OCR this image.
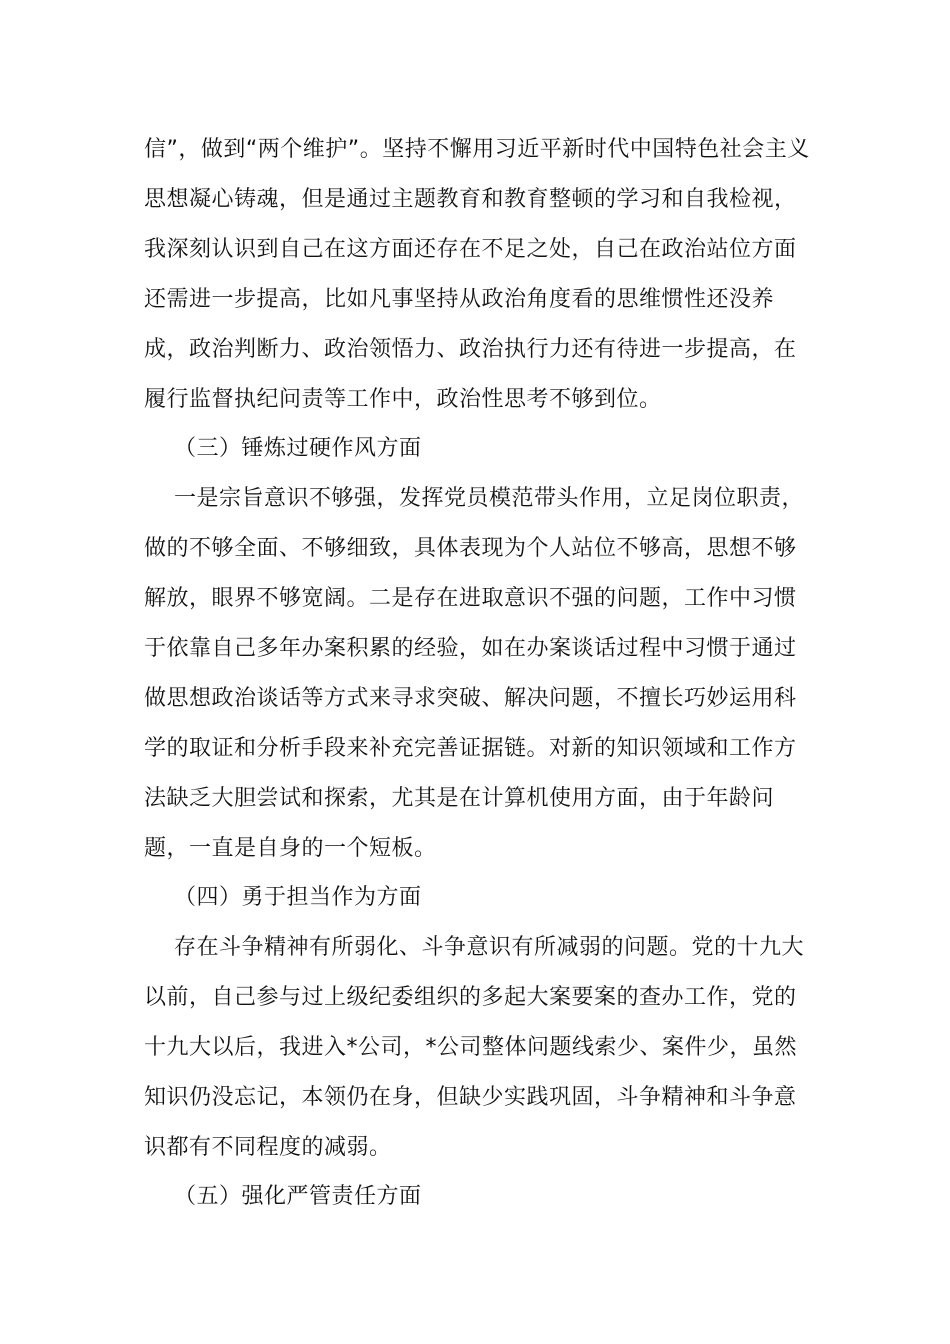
信”，做到“两个维护”。坚持不懈用习近平新时代中国特色社会主义
思想凝心铸魂，但是通过主题教育和教育整顿的学习和自我检视，
我深刻认识到自己在这方面还存在不足之处，自己在政治站位方面
还需进一步提高，比如凡事坚持从政治角度看的思维惯性还没养
成，政治判断力、政治领悟力、政治执行力还有待进一步提高，在
履行监督执纪问责等工作中，政治性思考不够到位。
（三）锤炼过硬作风方面
一是宗旨意识不够强，发挥党员模范带头作用，立足岗位职责，
做的不够全面、不够细致，具体表现为个人站位不够高，思想不够
解放，眼界不够宽阔。二是存在进取意识不强的问题，工作中习惯
于依靠自己多年办案积累的经验，如在办案谈话过程中习惯于通过
做思想政治谈话等方式来寻求突破、解决问题，不擅长巧妙运用科
学的取证和分析手段来补充完善证据链。对新的知识领域和工作方
法缺乏大胆尝试和探索，尤其是在计算机使用方面，由于年龄问
题，一直是自身的一个短板。
（四）勇于担当作为方面
存在斗争精神有所弱化、斗争意识有所减弱的问题。党的十九大
以前，自己参与过上级纪委组织的多起大案要案的查办工作，党的
十九大以后，我进入*公司，*公司整体问题线索少、案件少，虽然
知识仍没忘记，本领仍在身，但缺少实践巩固，斗争精神和斗争意
识都有不同程度的减弱。
（五）强化严管责任方面
